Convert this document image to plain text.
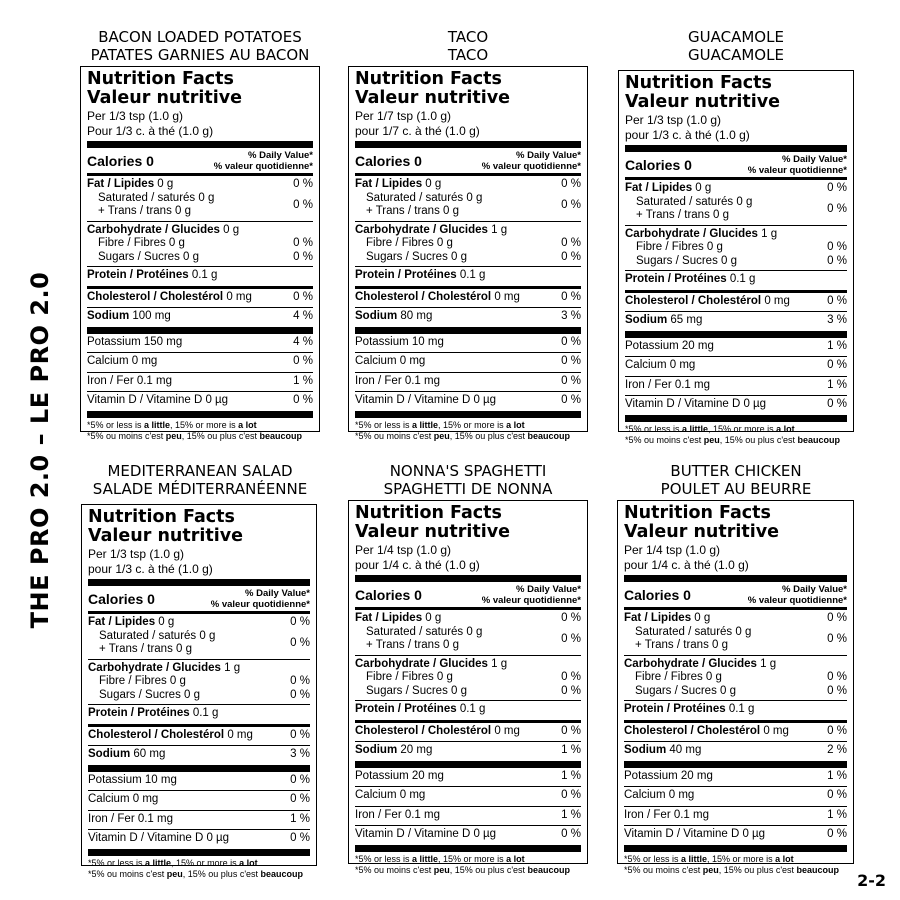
THE PRO 2.0 – LE PRO 2.0
2-2
BACON LOADED POTATOES
PATATES GARNIES AU BACON
Nutrition Facts
Valeur nutritive
Per 1/3 tsp (1.0 g)
Pour 1/3 c. à thé (1.0 g)
Calories 0	% Daily Value*
% valeur quotidienne*
Fat / Lipides 0 g	0 %
Saturated / saturés 0 g
+ Trans / trans 0 g	0 %
Carbohydrate / Glucides 0 g
Fibre / Fibres 0 g	0 %
Sugars / Sucres 0 g	0 %
Protein / Protéines 0.1 g
Cholesterol / Cholestérol 0 mg	0 %
Sodium 100 mg	4 %
Potassium 150 mg	4 %
Calcium 0 mg	0 %
Iron / Fer 0.1 mg	1 %
Vitamin D / Vitamine D 0 µg	0 %
*5% or less is a little, 15% or more is a lot
*5% ou moins c'est peu, 15% ou plus c'est beaucoup
TACO
TACO
Nutrition Facts
Valeur nutritive
Per 1/7 tsp (1.0 g)
pour 1/7 c. à thé (1.0 g)
Calories 0	% Daily Value*
% valeur quotidienne*
Fat / Lipides 0 g	0 %
Saturated / saturés 0 g
+ Trans / trans 0 g	0 %
Carbohydrate / Glucides 1 g
Fibre / Fibres 0 g	0 %
Sugars / Sucres 0 g	0 %
Protein / Protéines 0.1 g
Cholesterol / Cholestérol 0 mg	0 %
Sodium 80 mg	3 %
Potassium 10 mg	0 %
Calcium 0 mg	0 %
Iron / Fer 0.1 mg	0 %
Vitamin D / Vitamine D 0 µg	0 %
*5% or less is a little, 15% or more is a lot
*5% ou moins c'est peu, 15% ou plus c'est beaucoup
GUACAMOLE
GUACAMOLE
Nutrition Facts
Valeur nutritive
Per 1/3 tsp (1.0 g)
pour 1/3 c. à thé (1.0 g)
Calories 0	% Daily Value*
% valeur quotidienne*
Fat / Lipides 0 g	0 %
Saturated / saturés 0 g
+ Trans / trans 0 g	0 %
Carbohydrate / Glucides 1 g
Fibre / Fibres 0 g	0 %
Sugars / Sucres 0 g	0 %
Protein / Protéines 0.1 g
Cholesterol / Cholestérol 0 mg	0 %
Sodium 65 mg	3 %
Potassium 20 mg	1 %
Calcium 0 mg	0 %
Iron / Fer 0.1 mg	1 %
Vitamin D / Vitamine D 0 µg	0 %
*5% or less is a little, 15% or more is a lot
*5% ou moins c'est peu, 15% ou plus c'est beaucoup
MEDITERRANEAN SALAD
SALADE MÉDITERRANÉENNE
Nutrition Facts
Valeur nutritive
Per 1/3 tsp (1.0 g)
pour 1/3 c. à thé (1.0 g)
Calories 0	% Daily Value*
% valeur quotidienne*
Fat / Lipides 0 g	0 %
Saturated / saturés 0 g
+ Trans / trans 0 g	0 %
Carbohydrate / Glucides 1 g
Fibre / Fibres 0 g	0 %
Sugars / Sucres 0 g	0 %
Protein / Protéines 0.1 g
Cholesterol / Cholestérol 0 mg	0 %
Sodium 60 mg	3 %
Potassium 10 mg	0 %
Calcium 0 mg	0 %
Iron / Fer 0.1 mg	1 %
Vitamin D / Vitamine D 0 µg	0 %
*5% or less is a little, 15% or more is a lot
*5% ou moins c'est peu, 15% ou plus c'est beaucoup
NONNA'S SPAGHETTI
SPAGHETTI DE NONNA
Nutrition Facts
Valeur nutritive
Per 1/4 tsp (1.0 g)
pour 1/4 c. à thé (1.0 g)
Calories 0	% Daily Value*
% valeur quotidienne*
Fat / Lipides 0 g	0 %
Saturated / saturés 0 g
+ Trans / trans 0 g	0 %
Carbohydrate / Glucides 1 g
Fibre / Fibres 0 g	0 %
Sugars / Sucres 0 g	0 %
Protein / Protéines 0.1 g
Cholesterol / Cholestérol 0 mg	0 %
Sodium 20 mg	1 %
Potassium 20 mg	1 %
Calcium 0 mg	0 %
Iron / Fer 0.1 mg	1 %
Vitamin D / Vitamine D 0 µg	0 %
*5% or less is a little, 15% or more is a lot
*5% ou moins c'est peu, 15% ou plus c'est beaucoup
BUTTER CHICKEN
POULET AU BEURRE
Nutrition Facts
Valeur nutritive
Per 1/4 tsp (1.0 g)
pour 1/4 c. à thé (1.0 g)
Calories 0	% Daily Value*
% valeur quotidienne*
Fat / Lipides 0 g	0 %
Saturated / saturés 0 g
+ Trans / trans 0 g	0 %
Carbohydrate / Glucides 1 g
Fibre / Fibres 0 g	0 %
Sugars / Sucres 0 g	0 %
Protein / Protéines 0.1 g
Cholesterol / Cholestérol 0 mg	0 %
Sodium 40 mg	2 %
Potassium 20 mg	1 %
Calcium 0 mg	0 %
Iron / Fer 0.1 mg	1 %
Vitamin D / Vitamine D 0 µg	0 %
*5% or less is a little, 15% or more is a lot
*5% ou moins c'est peu, 15% ou plus c'est beaucoup
